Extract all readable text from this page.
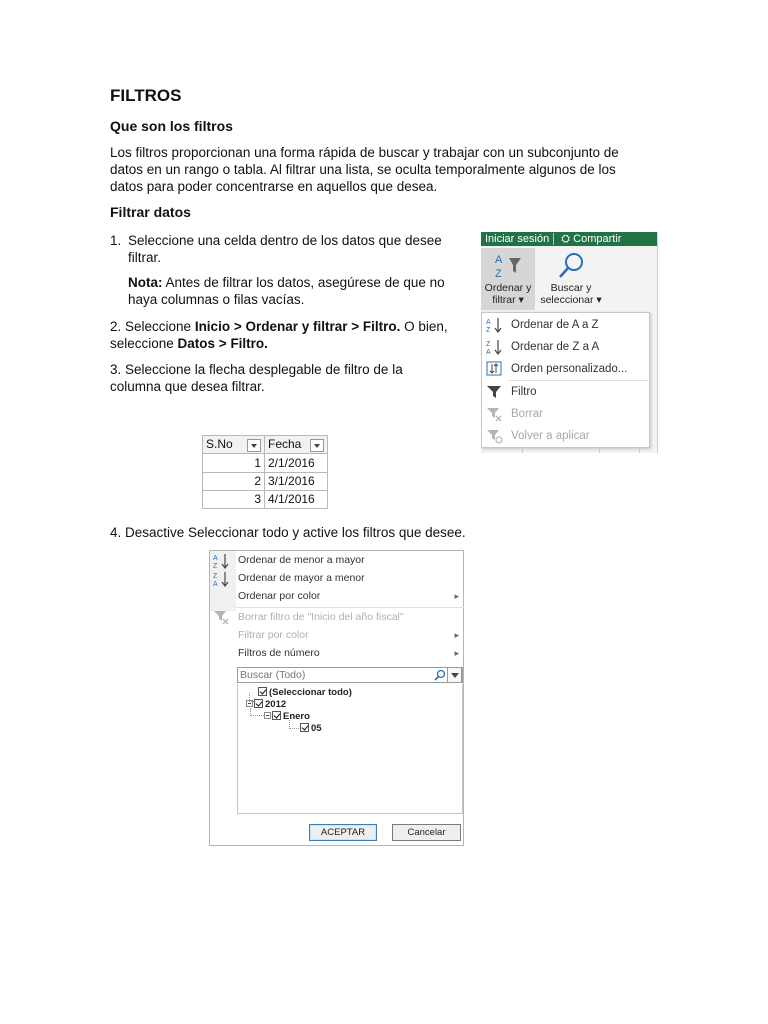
FILTROS
Que son los filtros
Los filtros proporcionan una forma rápida de buscar y trabajar con un subconjunto de datos en un rango o tabla. Al filtrar una lista, se oculta temporalmente algunos de los datos para poder concentrarse en aquellos que desea.
Filtrar datos
1. Seleccione una celda dentro de los datos que desee filtrar.
Nota: Antes de filtrar los datos, asegúrese de que no haya columnas o filas vacías.
2. Seleccione Inicio > Ordenar y filtrar > Filtro. O bien, seleccione Datos > Filtro.
3. Seleccione la flecha desplegable de filtro de la columna que desea filtrar.
Iniciar sesión ⛭ Compartir
A
Z
Ordenar y
filtrar ▾
Buscar y
seleccionar ▾
A
Z Ordenar de A a Z
Z
A Ordenar de Z a A
Orden personalizado...
Filtro
Borrar
Volver a aplicar
S.No	Fecha

1	2/1/2016
2	3/1/2016
3	4/1/2016
4. Desactive Seleccionar todo y active los filtros que desee.
A
Z
Ordenar de menor a mayor
Z
A
Ordenar de mayor a menor
Ordenar por color	▸
Borrar filtro de "Inicio del año fiscal"
Filtrar por color	▸
Filtros de número	▸
Buscar (Todo)
(Seleccionar todo)
2012
Enero
05
ACEPTAR	Cancelar
